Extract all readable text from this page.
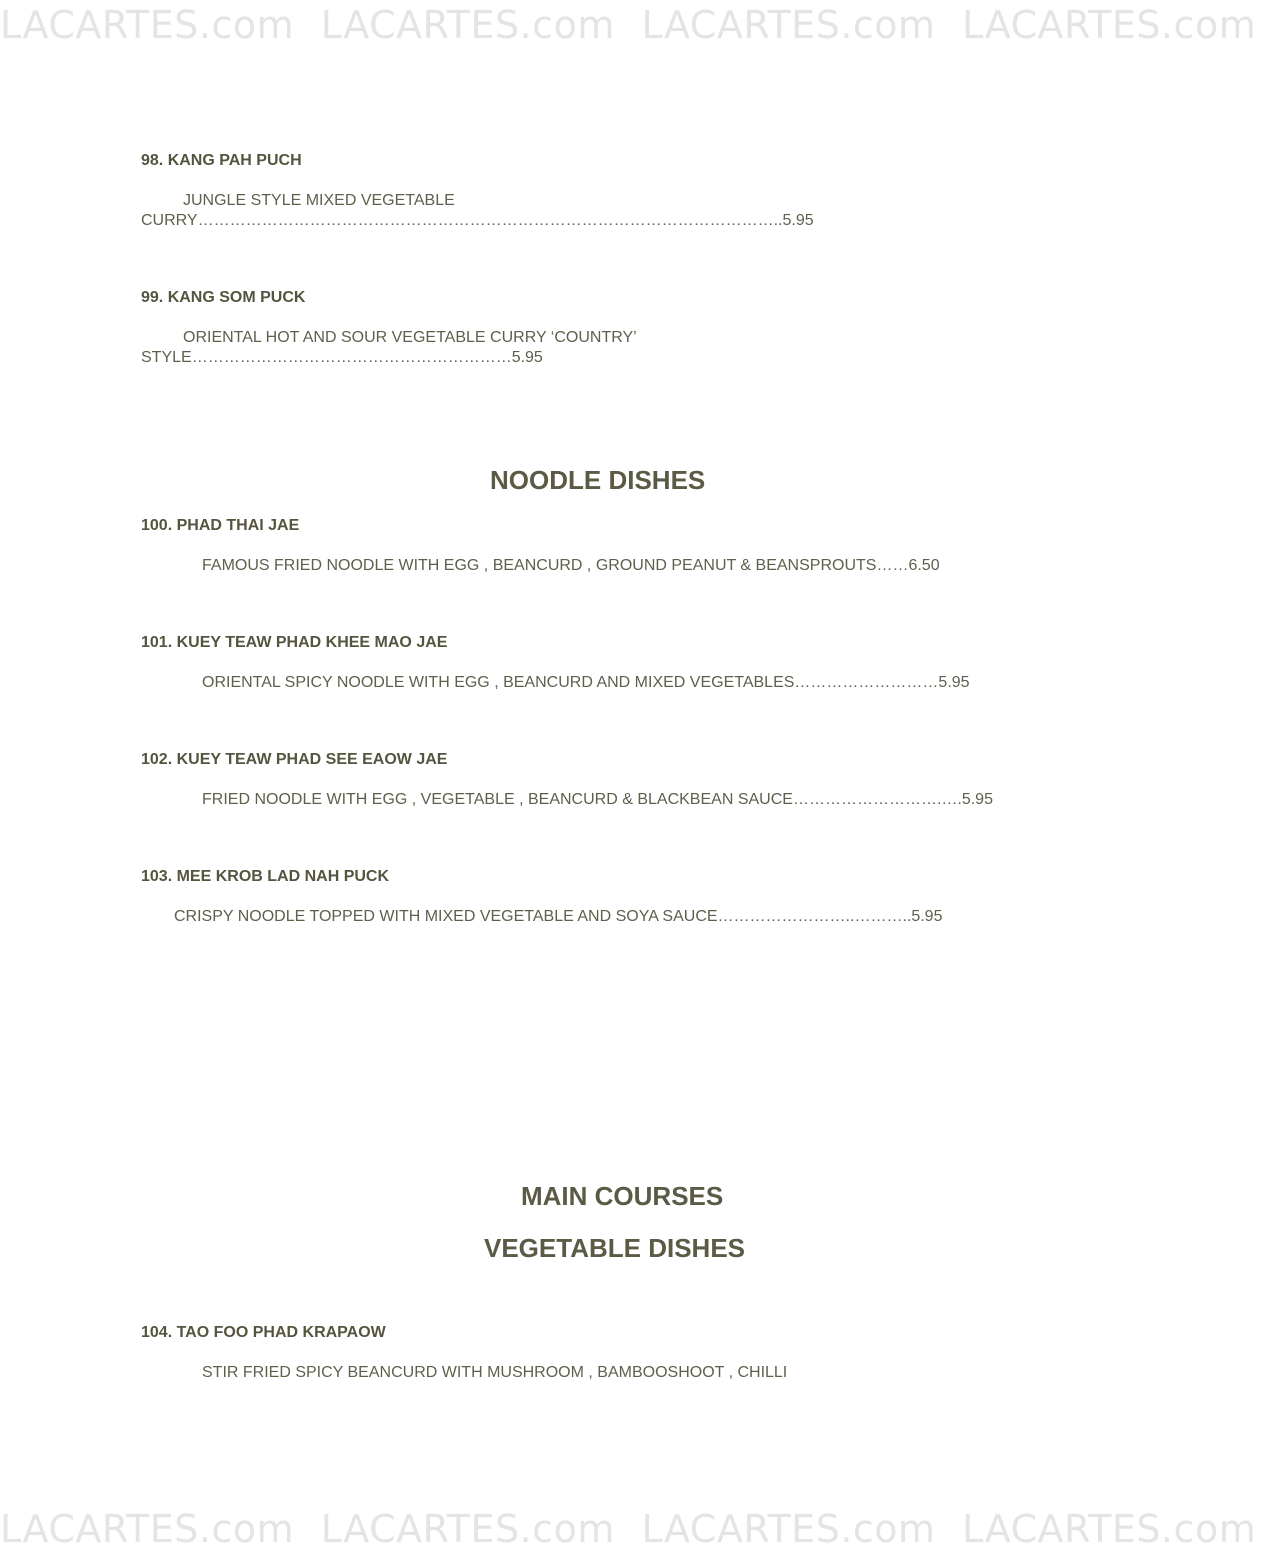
LACARTES.com LACARTES.com LACARTES.com LACARTES.com
98. KANG PAH PUCH
JUNGLE STYLE MIXED VEGETABLE
CURRY………………………………………………………………………………………………..5.95
99. KANG SOM PUCK
ORIENTAL HOT AND SOUR VEGETABLE CURRY ‘COUNTRY’
STYLE……………………………………………………5.95
NOODLE DISHES
100. PHAD THAI JAE
FAMOUS FRIED NOODLE WITH EGG , BEANCURD , GROUND PEANUT & BEANSPROUTS……6.50
101. KUEY TEAW PHAD KHEE MAO JAE
ORIENTAL SPICY NOODLE WITH EGG , BEANCURD AND MIXED VEGETABLES………………………5.95
102. KUEY TEAW PHAD SEE EAOW JAE
FRIED NOODLE WITH EGG , VEGETABLE , BEANCURD & BLACKBEAN SAUCE……………………….….5.95
103. MEE KROB LAD NAH PUCK
CRISPY NOODLE TOPPED WITH MIXED VEGETABLE AND SOYA SAUCE……………………..………..5.95
MAIN COURSES
VEGETABLE DISHES
104. TAO FOO PHAD KRAPAOW
STIR FRIED SPICY BEANCURD WITH MUSHROOM , BAMBOOSHOOT , CHILLI
LACARTES.com LACARTES.com LACARTES.com LACARTES.com
